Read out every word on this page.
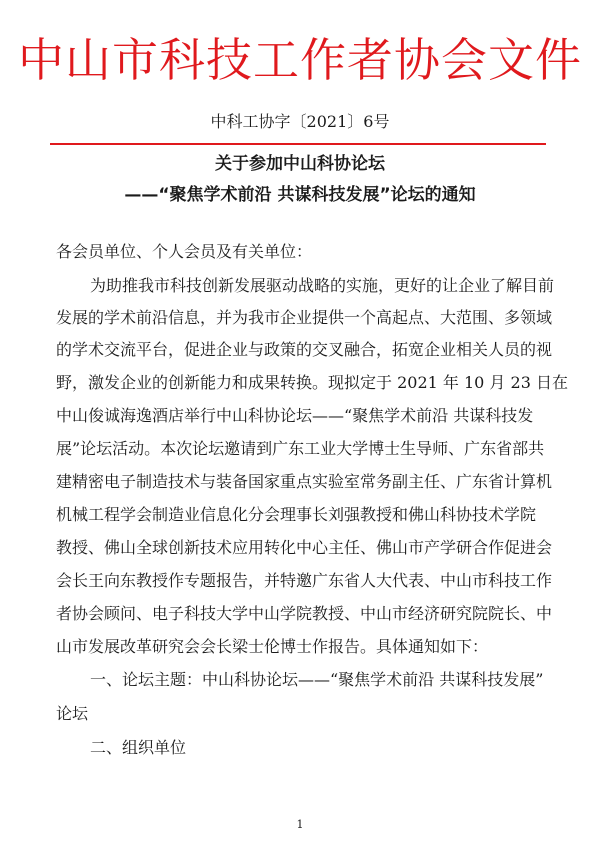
中山市科技工作者协会文件
中科工协字〔2021〕6号
关于参加中山科协论坛
——“聚焦学术前沿 共谋科技发展”论坛的通知
各会员单位、个人会员及有关单位：
为助推我市科技创新发展驱动战略的实施，更好的让企业了解目前
发展的学术前沿信息，并为我市企业提供一个高起点、大范围、多领域
的学术交流平台，促进企业与政策的交叉融合，拓宽企业相关人员的视
野，激发企业的创新能力和成果转换。现拟定于 2021 年 10 月 23 日在
中山俊诚海逸酒店举行中山科协论坛——“聚焦学术前沿 共谋科技发
展”论坛活动。本次论坛邀请到广东工业大学博士生导师、广东省部共
建精密电子制造技术与装备国家重点实验室常务副主任、广东省计算机
机械工程学会制造业信息化分会理事长刘强教授和佛山科协技术学院
教授、佛山全球创新技术应用转化中心主任、佛山市产学研合作促进会
会长王向东教授作专题报告，并特邀广东省人大代表、中山市科技工作
者协会顾问、电子科技大学中山学院教授、中山市经济研究院院长、中
山市发展改革研究会会长梁士伦博士作报告。具体通知如下：
一、论坛主题：中山科协论坛——“聚焦学术前沿 共谋科技发展”
论坛
二、组织单位
1
